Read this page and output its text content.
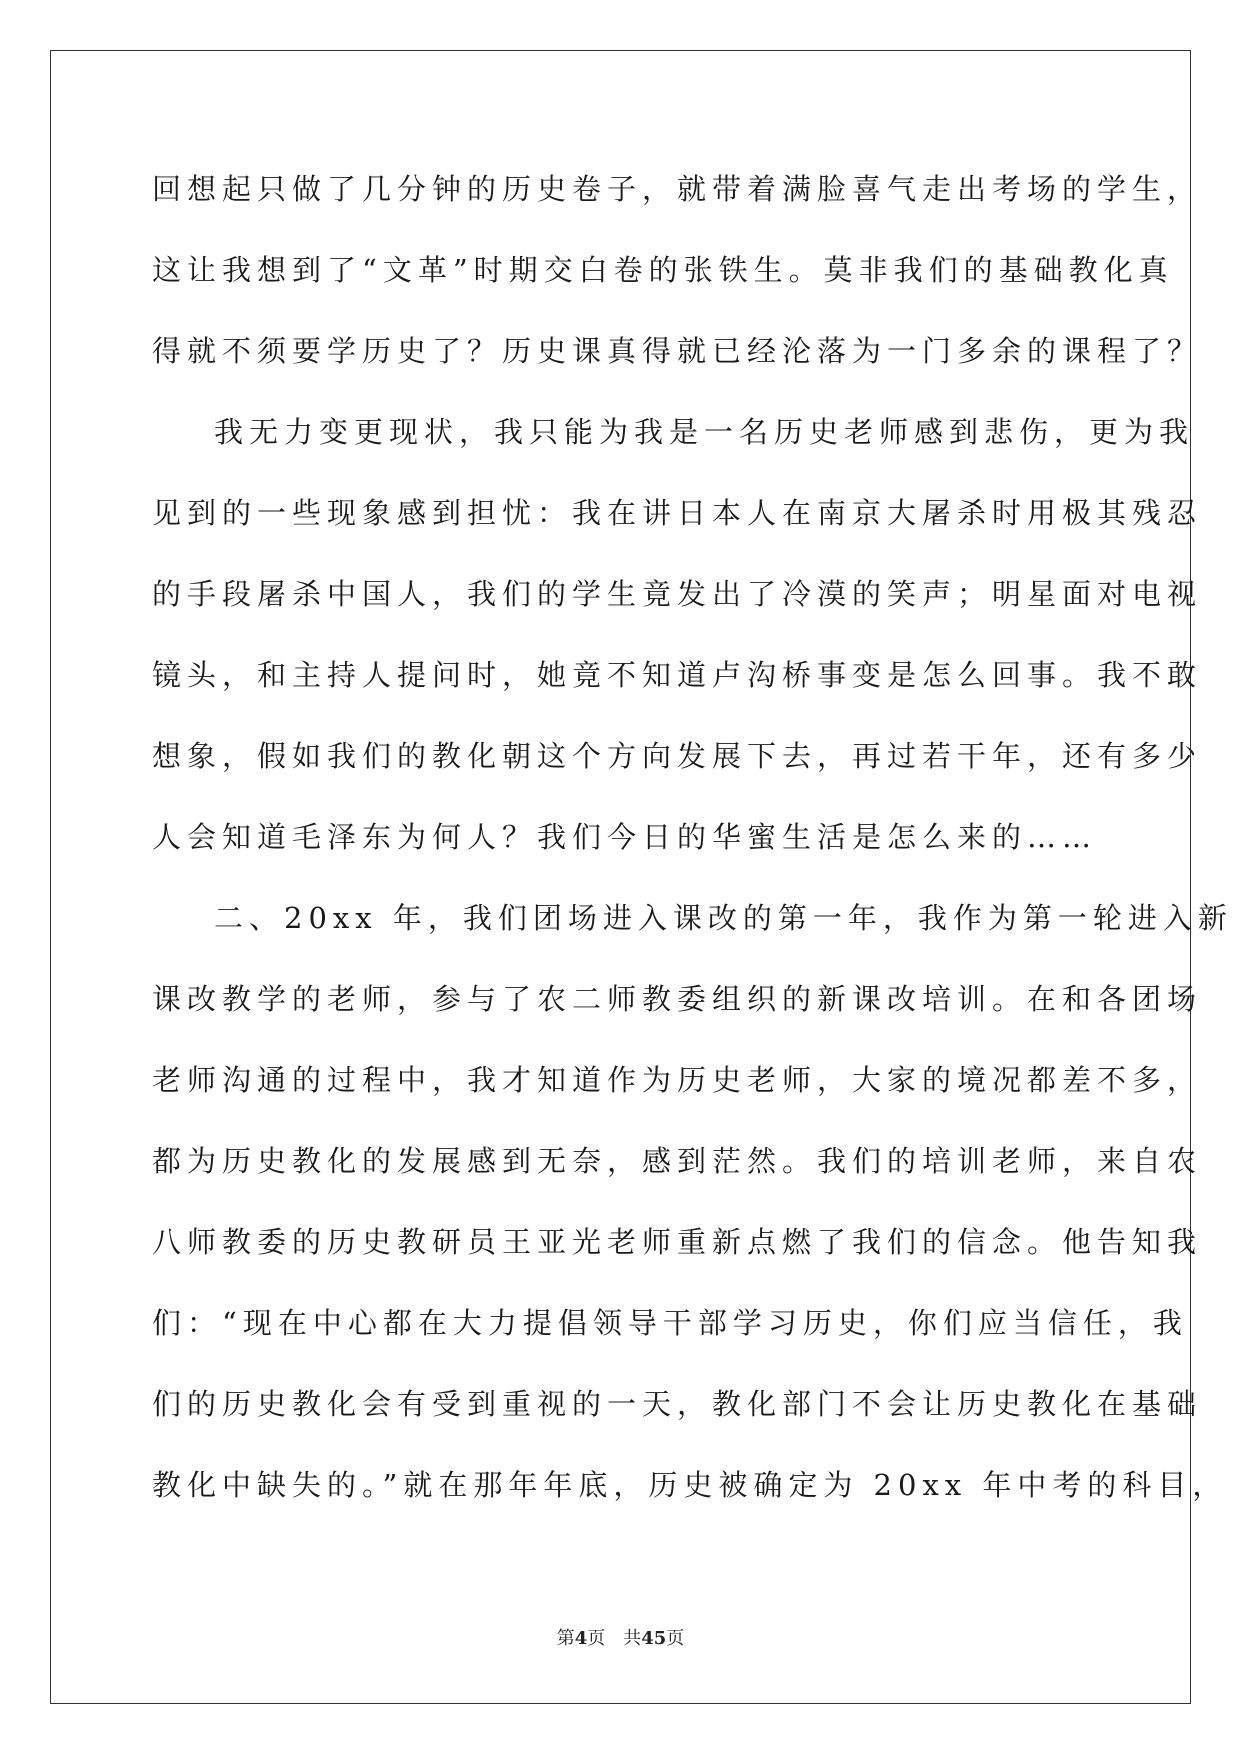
回想起只做了几分钟的历史卷子，就带着满脸喜气走出考场的学生，
这让我想到了“文革”时期交白卷的张铁生。莫非我们的基础教化真
得就不须要学历史了？历史课真得就已经沦落为一门多余的课程了？
我无力变更现状，我只能为我是一名历史老师感到悲伤，更为我
见到的一些现象感到担忧：我在讲日本人在南京大屠杀时用极其残忍
的手段屠杀中国人，我们的学生竟发出了冷漠的笑声；明星面对电视
镜头，和主持人提问时，她竟不知道卢沟桥事变是怎么回事。我不敢
想象，假如我们的教化朝这个方向发展下去，再过若干年，还有多少
人会知道毛泽东为何人？我们今日的华蜜生活是怎么来的……
二、20xx 年，我们团场进入课改的第一年，我作为第一轮进入新
课改教学的老师，参与了农二师教委组织的新课改培训。在和各团场
老师沟通的过程中，我才知道作为历史老师，大家的境况都差不多，
都为历史教化的发展感到无奈，感到茫然。我们的培训老师，来自农
八师教委的历史教研员王亚光老师重新点燃了我们的信念。他告知我
们：“现在中心都在大力提倡领导干部学习历史，你们应当信任，我
们的历史教化会有受到重视的一天，教化部门不会让历史教化在基础
教化中缺失的。”就在那年年底，历史被确定为 20xx 年中考的科目，
第4页 共45页
